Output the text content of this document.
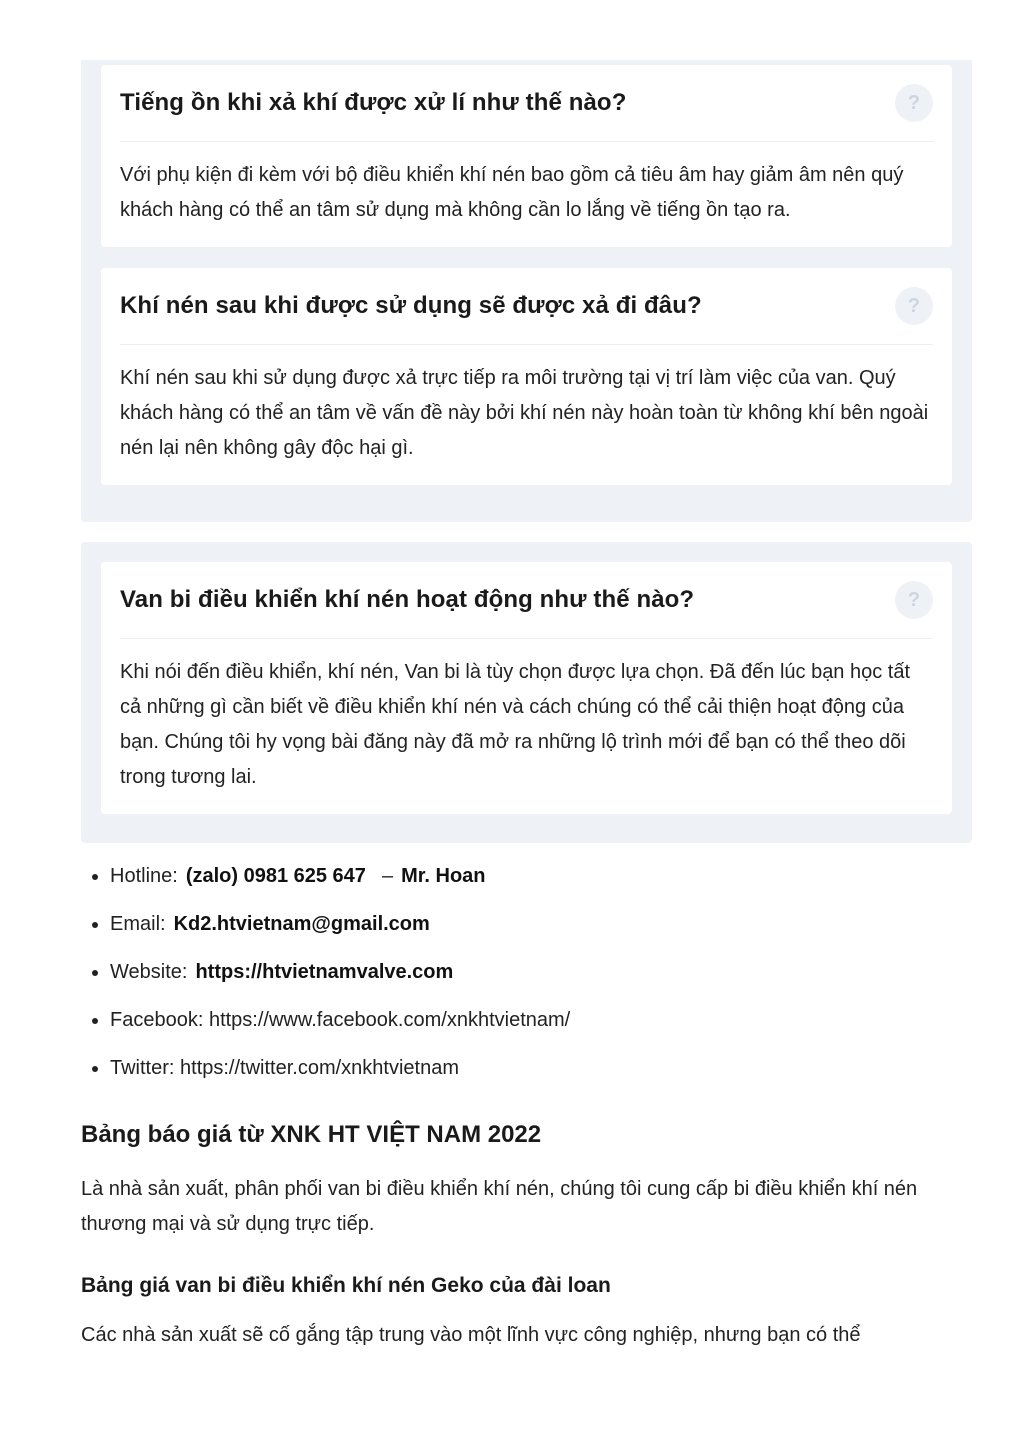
Tiếng ồn khi xả khí được xử lí như thế nào?	?
Với phụ kiện đi kèm với bộ điều khiển khí nén bao gồm cả tiêu âm hay giảm âm nên quý khách hàng có thể an tâm sử dụng mà không cần lo lắng về tiếng ồn tạo ra.
Khí nén sau khi được sử dụng sẽ được xả đi đâu?	?
Khí nén sau khi sử dụng được xả trực tiếp ra môi trường tại vị trí làm việc của van. Quý khách hàng có thể an tâm về vấn đề này bởi khí nén này hoàn toàn từ không khí bên ngoài nén lại nên không gây độc hại gì.
Van bi điều khiển khí nén hoạt động như thế nào?	?
Khi nói đến điều khiển, khí nén, Van bi là tùy chọn được lựa chọn. Đã đến lúc bạn học tất cả những gì cần biết về điều khiển khí nén và cách chúng có thể cải thiện hoạt động của bạn. Chúng tôi hy vọng bài đăng này đã mở ra những lộ trình mới để bạn có thể theo dõi trong tương lai.
• Hotline: (zalo) 0981 625 647 – Mr. Hoan
• Email: Kd2.htvietnam@gmail.com
• Website: https://htvietnamvalve.com
• Facebook: https://www.facebook.com/xnkhtvietnam/
• Twitter: https://twitter.com/xnkhtvietnam
Bảng báo giá từ XNK HT VIỆT NAM 2022

Là nhà sản xuất, phân phối van bi điều khiển khí nén, chúng tôi cung cấp bi điều khiển khí nén thương mại và sử dụng trực tiếp.

Bảng giá van bi điều khiển khí nén Geko của đài loan

Các nhà sản xuất sẽ cố gắng tập trung vào một lĩnh vực công nghiệp, nhưng bạn có thể
